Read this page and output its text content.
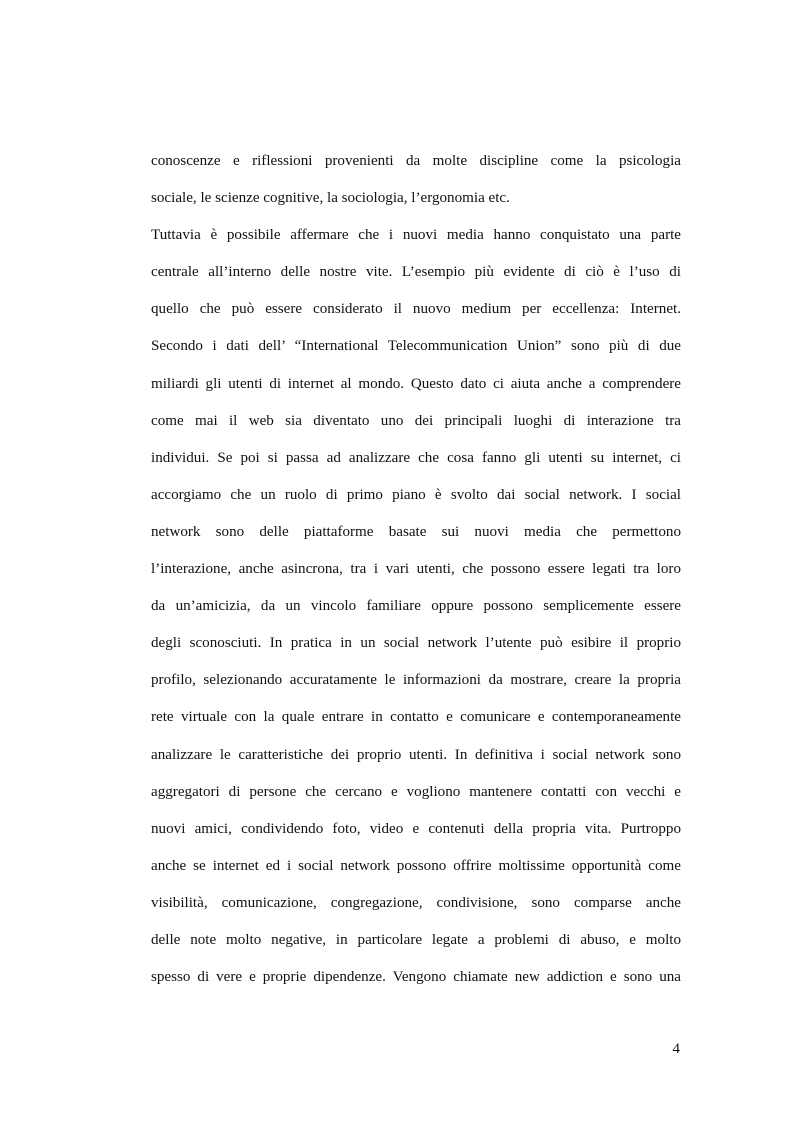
conoscenze e riflessioni provenienti da molte discipline come la psicologia
sociale, le scienze cognitive, la sociologia, l’ergonomia etc.
Tuttavia è possibile affermare che i nuovi media hanno conquistato una parte
centrale all’interno delle nostre vite. L’esempio più evidente di ciò è l’uso di
quello che può essere considerato il nuovo medium per eccellenza: Internet.
Secondo i dati dell’ “International Telecommunication Union” sono più di due
miliardi gli utenti di internet al mondo. Questo dato ci aiuta anche a comprendere
come mai il web sia diventato uno dei principali luoghi di interazione tra
individui. Se poi si passa ad analizzare che cosa fanno gli utenti su internet, ci
accorgiamo che un ruolo di primo piano è svolto dai social network. I social
network sono delle piattaforme basate sui nuovi media che permettono
l’interazione, anche asincrona, tra i vari utenti, che possono essere legati tra loro
da un’amicizia, da un vincolo familiare oppure possono semplicemente essere
degli sconosciuti. In pratica in un social network l’utente può esibire il proprio
profilo, selezionando accuratamente le informazioni da mostrare, creare la propria
rete virtuale con la quale entrare in contatto e comunicare e contemporaneamente
analizzare le caratteristiche dei proprio utenti. In definitiva i social network sono
aggregatori di persone che cercano e vogliono mantenere contatti con vecchi e
nuovi amici, condividendo foto, video e contenuti della propria vita. Purtroppo
anche se internet ed i social network possono offrire moltissime opportunità come
visibilità, comunicazione, congregazione, condivisione, sono comparse anche
delle note molto negative, in particolare legate a problemi di abuso, e molto
spesso di vere e proprie dipendenze. Vengono chiamate new addiction e sono una
4
